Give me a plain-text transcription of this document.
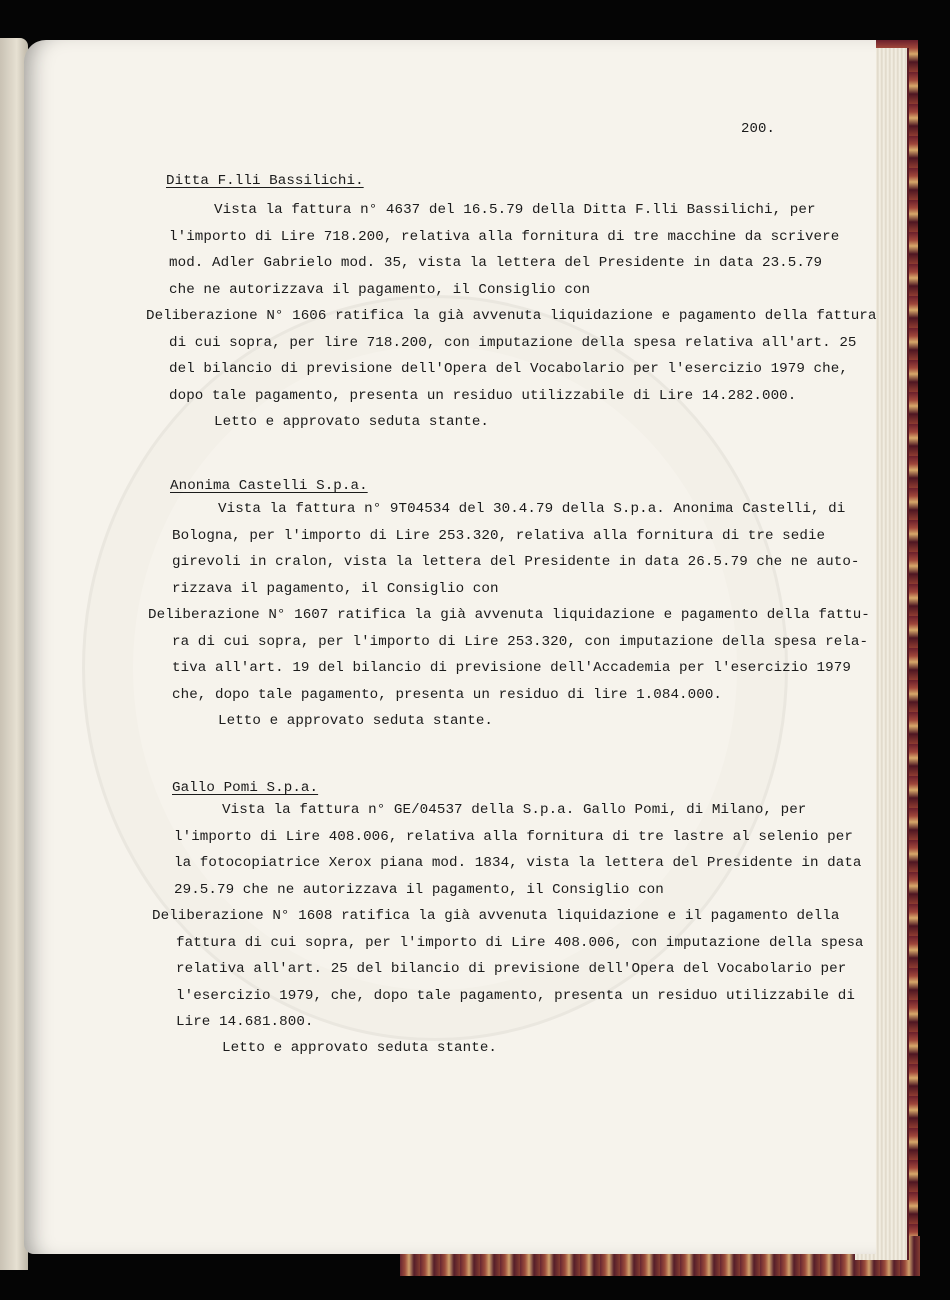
200.
Ditta F.lli Bassilichi.
Vista la fattura n° 4637 del 16.5.79 della Ditta F.lli Bassilichi, per
l'importo di Lire 718.200, relativa alla fornitura di tre macchine da scrivere
mod. Adler Gabrielo mod. 35, vista la lettera del Presidente in data 23.5.79
che ne autorizzava il pagamento, il Consiglio con
Deliberazione N° 1606 ratifica la già avvenuta liquidazione e pagamento della fattura
di cui sopra, per lire 718.200, con imputazione della spesa relativa all'art. 25
del bilancio di previsione dell'Opera del Vocabolario per l'esercizio 1979 che,
dopo tale pagamento, presenta un residuo utilizzabile di Lire 14.282.000.
Letto e approvato seduta stante.
Anonima Castelli S.p.a.
Vista la fattura n° 9T04534 del 30.4.79 della S.p.a. Anonima Castelli, di
Bologna, per l'importo di Lire 253.320, relativa alla fornitura di tre sedie
girevoli in cralon, vista la lettera del Presidente in data 26.5.79 che ne auto-
rizzava il pagamento, il Consiglio con
Deliberazione N° 1607 ratifica la già avvenuta liquidazione e pagamento della fattu-
ra di cui sopra, per l'importo di Lire 253.320, con imputazione della spesa rela-
tiva all'art. 19 del bilancio di previsione dell'Accademia per l'esercizio 1979
che, dopo tale pagamento, presenta un residuo di lire 1.084.000.
Letto e approvato seduta stante.
Gallo Pomi S.p.a.
Vista la fattura n° GE/04537 della S.p.a. Gallo Pomi, di Milano, per
l'importo di Lire 408.006, relativa alla fornitura di tre lastre al selenio per
la fotocopiatrice Xerox piana mod. 1834, vista la lettera del Presidente in data
29.5.79 che ne autorizzava il pagamento, il Consiglio con
Deliberazione N° 1608 ratifica la già avvenuta liquidazione e il pagamento della
fattura di cui sopra, per l'importo di Lire 408.006, con imputazione della spesa
relativa all'art. 25 del bilancio di previsione dell'Opera del Vocabolario per
l'esercizio 1979, che, dopo tale pagamento, presenta un residuo utilizzabile di
Lire 14.681.800.
Letto e approvato seduta stante.
